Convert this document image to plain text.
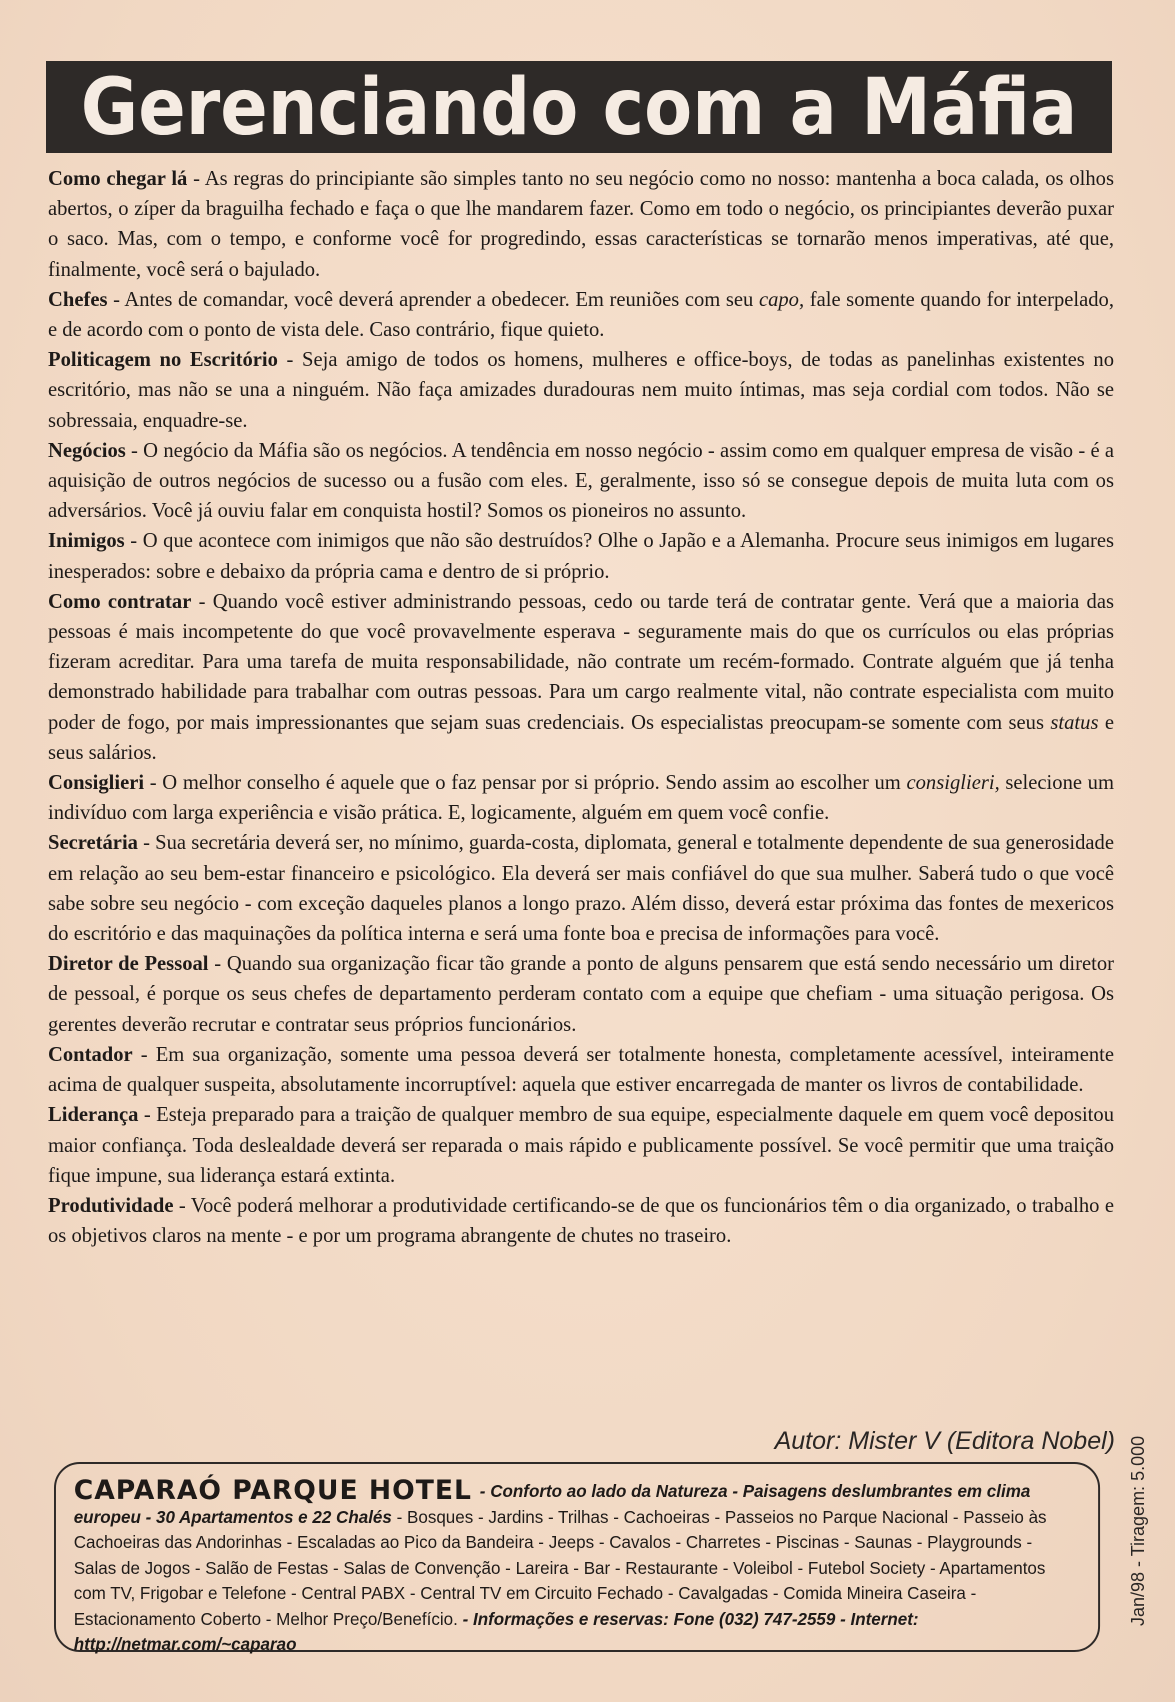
Gerenciando com a Máfia

Como chegar lá - As regras do principiante são simples tanto no seu negócio como no nosso: mantenha a boca calada, os olhos abertos, o zíper da braguilha fechado e faça o que lhe mandarem fazer. Como em todo o negócio, os principiantes deverão puxar o saco. Mas, com o tempo, e conforme você for progredindo, essas características se tornarão menos imperativas, até que, finalmente, você será o bajulado.

Chefes - Antes de comandar, você deverá aprender a obedecer. Em reuniões com seu capo, fale somente quando for interpelado, e de acordo com o ponto de vista dele. Caso contrário, fique quieto.

Politicagem no Escritório - Seja amigo de todos os homens, mulheres e office-boys, de todas as panelinhas existentes no escritório, mas não se una a ninguém. Não faça amizades duradouras nem muito íntimas, mas seja cordial com todos. Não se sobressaia, enquadre-se.

Negócios - O negócio da Máfia são os negócios. A tendência em nosso negócio - assim como em qualquer empresa de visão - é a aquisição de outros negócios de sucesso ou a fusão com eles. E, geralmente, isso só se consegue depois de muita luta com os adversários. Você já ouviu falar em conquista hostil? Somos os pioneiros no assunto.

Inimigos - O que acontece com inimigos que não são destruídos? Olhe o Japão e a Alemanha. Procure seus inimigos em lugares inesperados: sobre e debaixo da própria cama e dentro de si próprio.

Como contratar - Quando você estiver administrando pessoas, cedo ou tarde terá de contratar gente. Verá que a maioria das pessoas é mais incompetente do que você provavelmente esperava - seguramente mais do que os currículos ou elas próprias fizeram acreditar. Para uma tarefa de muita responsabilidade, não contrate um recém-formado. Contrate alguém que já tenha demonstrado habilidade para trabalhar com outras pessoas. Para um cargo realmente vital, não contrate especialista com muito poder de fogo, por mais impressionantes que sejam suas credenciais. Os especialistas preocupam-se somente com seus status e seus salários.

Consiglieri - O melhor conselho é aquele que o faz pensar por si próprio. Sendo assim ao escolher um consiglieri, selecione um indivíduo com larga experiência e visão prática. E, logicamente, alguém em quem você confie.

Secretária - Sua secretária deverá ser, no mínimo, guarda-costa, diplomata, general e totalmente dependente de sua generosidade em relação ao seu bem-estar financeiro e psicológico. Ela deverá ser mais confiável do que sua mulher. Saberá tudo o que você sabe sobre seu negócio - com exceção daqueles planos a longo prazo. Além disso, deverá estar próxima das fontes de mexericos do escritório e das maquinações da política interna e será uma fonte boa e precisa de informações para você.

Diretor de Pessoal - Quando sua organização ficar tão grande a ponto de alguns pensarem que está sendo necessário um diretor de pessoal, é porque os seus chefes de departamento perderam contato com a equipe que chefiam - uma situação perigosa. Os gerentes deverão recrutar e contratar seus próprios funcionários.

Contador - Em sua organização, somente uma pessoa deverá ser totalmente honesta, completamente acessível, inteiramente acima de qualquer suspeita, absolutamente incorruptível: aquela que estiver encarregada de manter os livros de contabilidade.

Liderança - Esteja preparado para a traição de qualquer membro de sua equipe, especialmente daquele em quem você depositou maior confiança. Toda deslealdade deverá ser reparada o mais rápido e publicamente possível. Se você permitir que uma traição fique impune, sua liderança estará extinta.

Produtividade - Você poderá melhorar a produtividade certificando-se de que os funcionários têm o dia organizado, o trabalho e os objetivos claros na mente - e por um programa abrangente de chutes no traseiro.

Autor: Mister V (Editora Nobel)
CAPARAÓ PARQUE HOTEL - Conforto ao lado da Natureza - Paisagens deslumbrantes em clima europeu - 30 Apartamentos e 22 Chalés - Bosques - Jardins - Trilhas - Cachoeiras - Passeios no Parque Nacional - Passeio às Cachoeiras das Andorinhas - Escaladas ao Pico da Bandeira - Jeeps - Cavalos - Charretes - Piscinas - Saunas - Playgrounds - Salas de Jogos - Salão de Festas - Salas de Convenção - Lareira - Bar - Restaurante - Voleibol - Futebol Society - Apartamentos com TV, Frigobar e Telefone - Central PABX - Central TV em Circuito Fechado - Cavalgadas - Comida Mineira Caseira - Estacionamento Coberto - Melhor Preço/Benefício. - Informações e reservas: Fone (032) 747-2559 - Internet: http://netmar.com/~caparao
Jan/98 - Tiragem: 5.000
